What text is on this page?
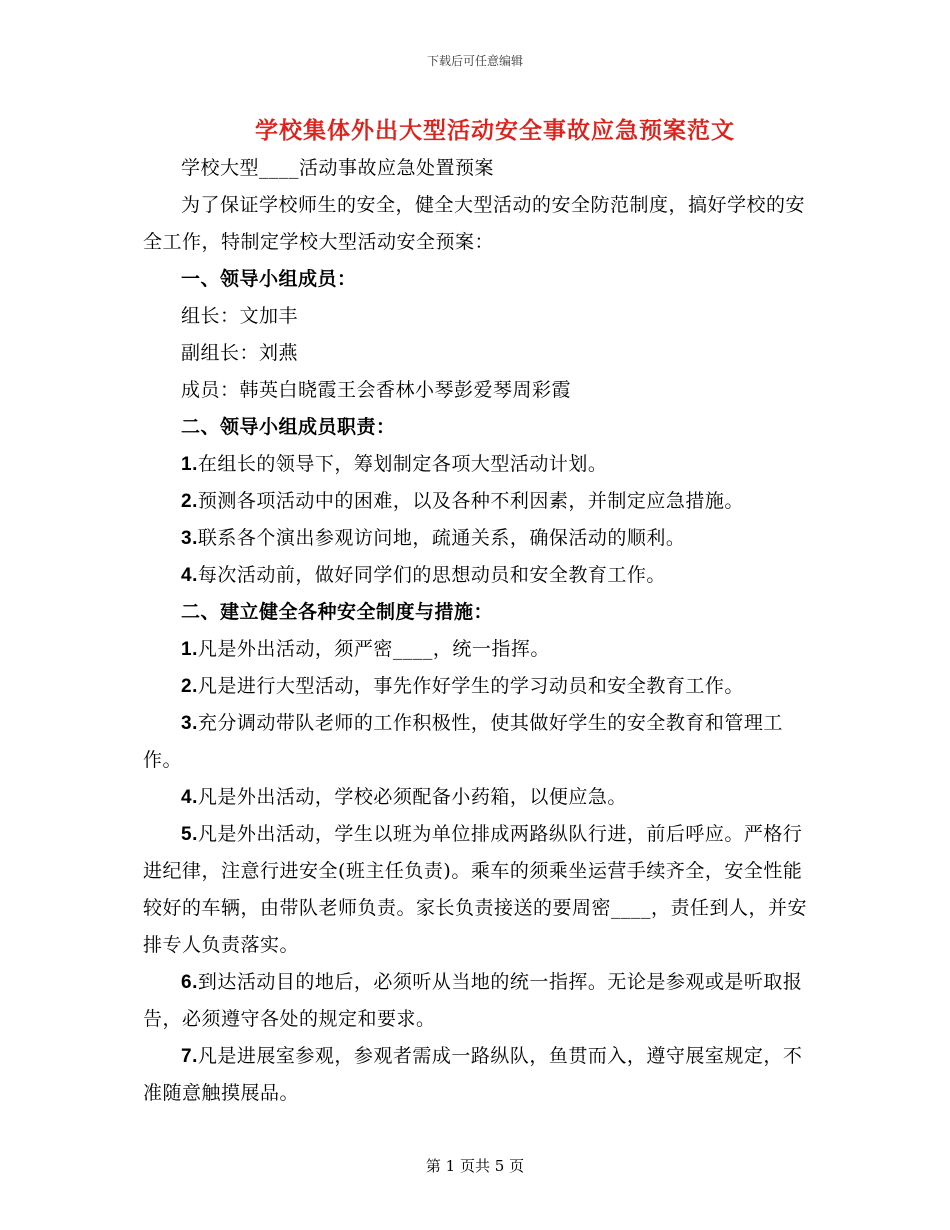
下载后可任意编辑
学校集体外出大型活动安全事故应急预案范文

学校大型____活动事故应急处置预案

为了保证学校师生的安全，健全大型活动的安全防范制度，搞好学校的安全工作，特制定学校大型活动安全预案：

一、领导小组成员：

组长：文加丰

副组长：刘燕

成员：韩英白晓霞王会香林小琴彭爱琴周彩霞

二、领导小组成员职责：

1.在组长的领导下，筹划制定各项大型活动计划。

2.预测各项活动中的困难，以及各种不利因素，并制定应急措施。

3.联系各个演出参观访问地，疏通关系，确保活动的顺利。

4.每次活动前，做好同学们的思想动员和安全教育工作。

二、建立健全各种安全制度与措施：

1.凡是外出活动，须严密____，统一指挥。

2.凡是进行大型活动，事先作好学生的学习动员和安全教育工作。

3.充分调动带队老师的工作积极性，使其做好学生的安全教育和管理工作。

4.凡是外出活动，学校必须配备小药箱，以便应急。

5.凡是外出活动，学生以班为单位排成两路纵队行进，前后呼应。严格行进纪律，注意行进安全(班主任负责)。乘车的须乘坐运营手续齐全，安全性能较好的车辆，由带队老师负责。家长负责接送的要周密____，责任到人，并安排专人负责落实。

6.到达活动目的地后，必须听从当地的统一指挥。无论是参观或是听取报告，必须遵守各处的规定和要求。

7.凡是进展室参观，参观者需成一路纵队，鱼贯而入，遵守展室规定，不准随意触摸展品。

第 1 页共 5 页
